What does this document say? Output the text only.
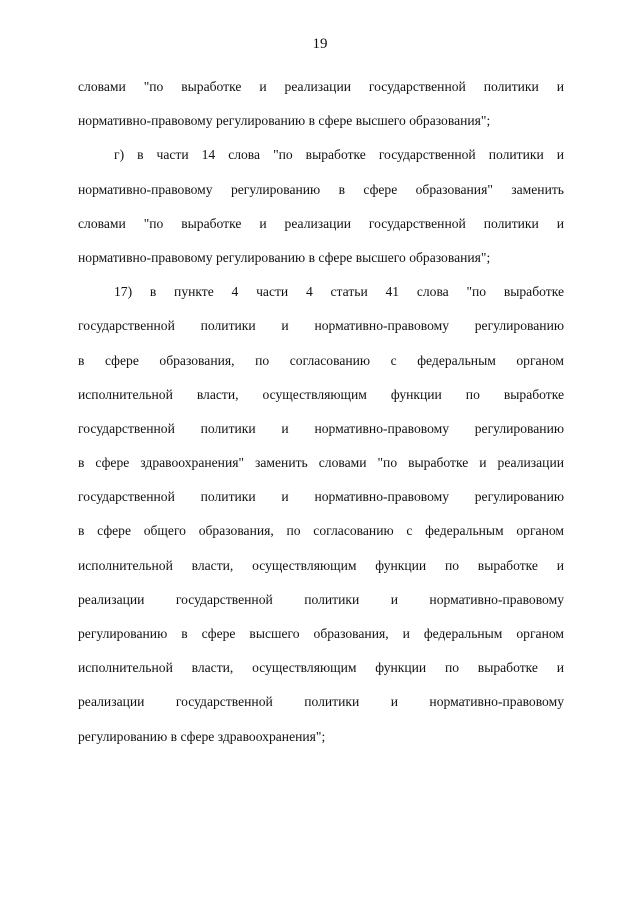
19
словами "по выработке и реализации государственной политики и
нормативно-правовому регулированию в сфере высшего образования";
г) в части 14 слова "по выработке государственной политики и
нормативно-правовому регулированию в сфере образования" заменить
словами "по выработке и реализации государственной политики и
нормативно-правовому регулированию в сфере высшего образования";
17) в пункте 4 части 4 статьи 41 слова "по выработке
государственной политики и нормативно-правовому регулированию
в сфере образования, по согласованию с федеральным органом
исполнительной власти, осуществляющим функции по выработке
государственной политики и нормативно-правовому регулированию
в сфере здравоохранения" заменить словами "по выработке и реализации
государственной политики и нормативно-правовому регулированию
в сфере общего образования, по согласованию с федеральным органом
исполнительной власти, осуществляющим функции по выработке и
реализации государственной политики и нормативно-правовому
регулированию в сфере высшего образования, и федеральным органом
исполнительной власти, осуществляющим функции по выработке и
реализации государственной политики и нормативно-правовому
регулированию в сфере здравоохранения";
